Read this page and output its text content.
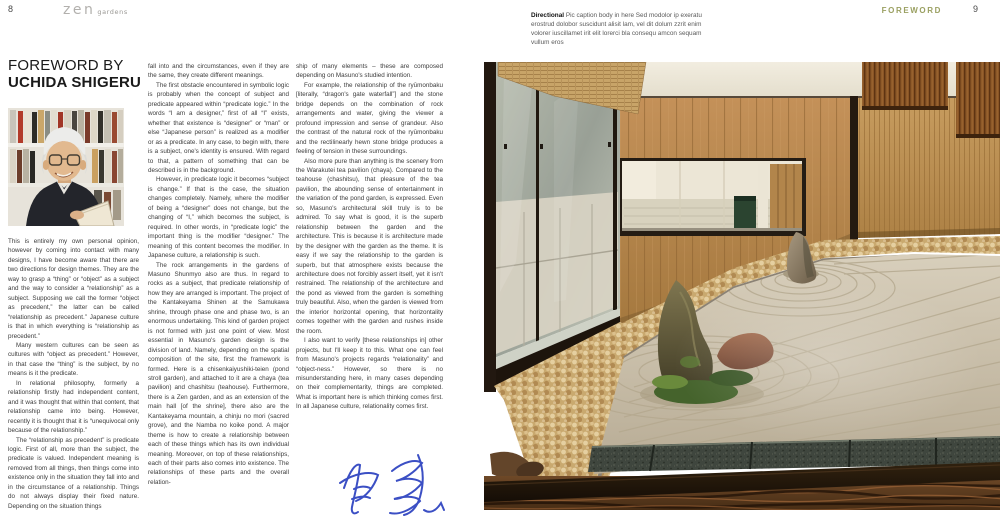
8	zen gardens	FOREWORD	9
Directional Pic caption body in here Sed modolor ip exeratu erostrud dolobor suscidunt alisit lam, vel dit dolum zzrit enim volorer iuscillamet irit elit lorerci bla consequ amcon sequam vullum eros
FOREWORD BY
UCHIDA SHIGERU

This is entirely my own personal opinion, however by coming into contact with many designs, I have become aware that there are two directions for design themes. They are the way to grasp a “thing” or “object” as a subject and the way to consider a “relationship” as a subject. Supposing we call the former “object as precedent,” the latter can be called “relationship as precedent.” Japanese culture is that in which everything is “relationship as precedent.”

Many western cultures can be seen as cultures with “object as precedent.” However, in that case the “thing” is the subject, by no means is it the predicate.

In relational philosophy, formerly a relationship firstly had independent content, and it was thought that within that content, that relationship came into being. However, recently it is thought that it is “unequivocal only because of the relationship.”

The “relationship as precedent” is predicate logic. First of all, more than the subject, the predicate is valued. Independent meaning is removed from all things, then things come into existence only in the situation they fall into and in the circumstance of a relationship. Things do not always display their fixed nature. Depending on the situation things

fall into and the circumstances, even if they are the same, they create different meanings.

The first obstacle encountered in symbolic logic is probably when the concept of subject and predicate appeared within “predicate logic.” In the words “I am a designer,” first of all “I” exists, whether that existence is “designer” or “man” or else “Japanese person” is realized as a modifier or as a predicate. In any case, to begin with, there is a subject, one's identity is ensured. With regard to that, a pattern of something that can be described is in the background.

However, in predicate logic it becomes “subject is change.” If that is the case, the situation changes completely. Namely, where the modifier of being a “designer” does not change, but the changing of “I,” which becomes the subject, is required. In other words, in “predicate logic” the important thing is the modifier “designer.” The meaning of this content becomes the modifier. In Japanese culture, a relationship is such.

The rock arrangements in the gardens of Masuno Shunmyo also are thus. In regard to rocks as a subject, that predicate relationship of how they are arranged is important. The project of the Kantakeyama Shinen at the Samukawa shrine, through phase one and phase two, is an enormous undertaking. This kind of garden project is not formed with just one point of view. Most essential in Masuno's garden design is the division of land. Namely, depending on the spatial composition of the site, first the framework is formed. Here is a chisenkaiyushiki-teien (pond stroll garden), and attached to it are a chaya (tea pavilion) and chashitsu (teahouse). Furthermore, there is a Zen garden, and as an extension of the main hall [of the shrine], there also are the Kantakeyama mountain, a chinju no mori (sacred grove), and the Namba no koike pond. A major theme is how to create a relationship between each of these things which has its own individual meaning. Moreover, on top of these relationships, each of their parts also comes into existence. The relationships of these parts and the overall relation-

ship of many elements – these are composed depending on Masuno's studied intention.

For example, the relationship of the ryūmonbaku [literally, “dragon's gate waterfall”] and the stone bridge depends on the combination of rock arrangements and water, giving the viewer a profound impression and sense of grandeur. Also the contrast of the natural rock of the ryūmonbaku and the rectilinearly hewn stone bridge produces a feeling of tension in these surroundings.

Also more pure than anything is the scenery from the Warakutei tea pavilion (chaya). Compared to the teahouse (chashitsu), that pleasure of the tea pavilion, the abounding sense of entertainment in the variation of the pond garden, is expressed. Even so, Masuno's architectural skill truly is to be admired. To say what is good, it is the superb relationship between the garden and the architecture. This is because it is architecture made by the designer with the garden as the theme. It is easy if we say the relationship to the garden is superb, but that atmosphere exists because the architecture does not forcibly assert itself, yet it isn't restrained. The relationship of the architecture and the pond as viewed from the garden is something truly beautiful. Also, when the garden is viewed from the interior horizontal opening, that horizontality comes together with the garden and rushes inside the room.

I also want to verify [these relationships in] other projects, but I'll keep it to this. What one can feel from Masuno's projects regards “relationality” and “object-ness.” However, so there is no misunderstanding here, in many cases depending on their complementarity, things are completed. What is important here is which thinking comes first. In all Japanese culture, relationality comes first.
